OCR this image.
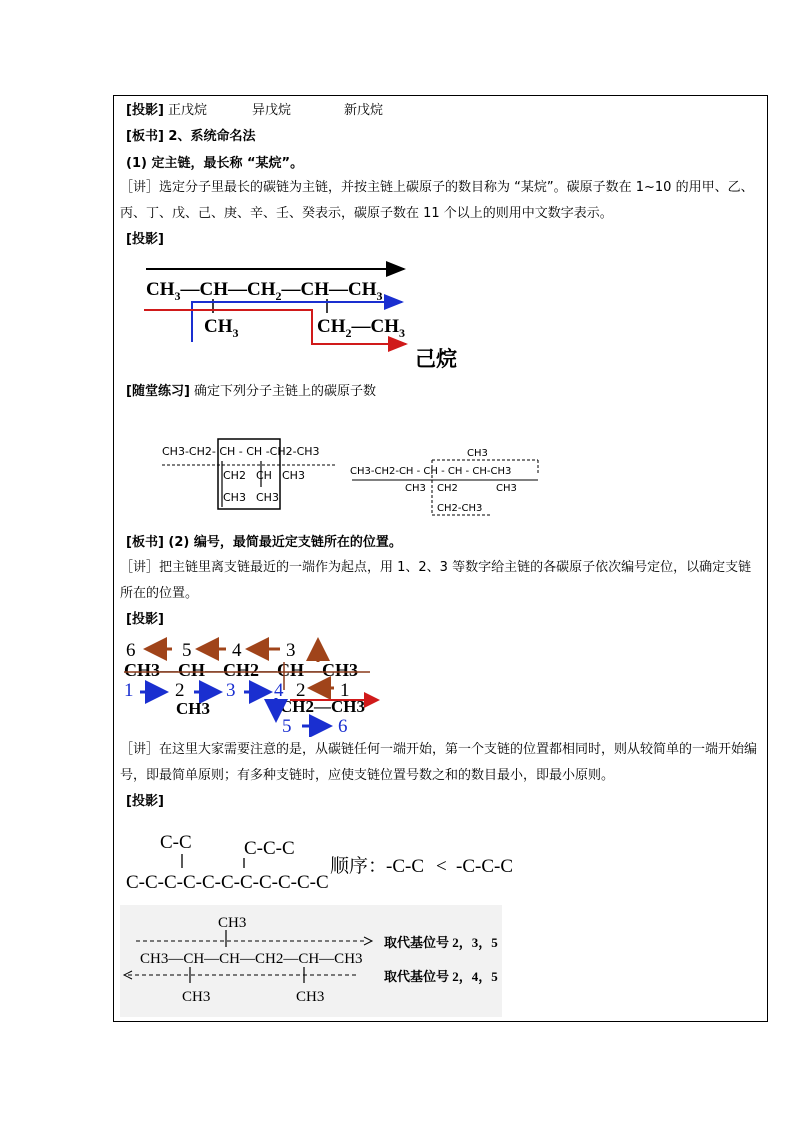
[投影] 正戊烷	异戊烷	新戊烷
[板书] 2、系统命名法
(1) 定主链，最长称 “某烷”。
［讲］选定分子里最长的碳链为主链，并按主链上碳原子的数目称为 “某烷”。碳原子数在 1~10 的用甲、乙、丙、丁、戊、己、庚、辛、壬、癸表示，碳原子数在 11 个以上的则用中文数字表示。
[投影]
$CH_3—CH—CH_2—CH—CH_3$
$CH_3$	$CH_2—CH_3$
己烷
[随堂练习] 确定下列分子主链上的碳原子数
CH3-CH2- CH - CH -CH2-CH3
CH2 CH CH3
CH3 CH3
CH3
CH3-CH2-CH - CH - CH - CH-CH3
CH3 CH2	CH3
CH2-CH3
[板书] (2) 编号，最简最近定支链所在的位置。
［讲］把主链里离支链最近的一端作为起点，用 1、2、3 等数字给主链的各碳原子依次编号定位，以确定支链所在的位置。
[投影]
6 5 4 3
CH3—CH—CH2—CH—CH3
1 2 3 4 2 1
CH3	CH2—CH3
5 6
［讲］在这里大家需要注意的是，从碳链任何一端开始，第一个支链的位置都相同时，则从较简单的一端开始编号，即最简单原则；有多种支链时，应使支链位置号数之和的数目最小，即最小原则。
[投影]
C-C	C-C-C
C-C-C-C-C-C-C-C-C-C-C
顺序：
-C-C < -C-C-C
CH3
CH3—CH—CH—CH2—CH—CH3
CH3	CH3
取代基位号 2，3，5
取代基位号 2，4，5
